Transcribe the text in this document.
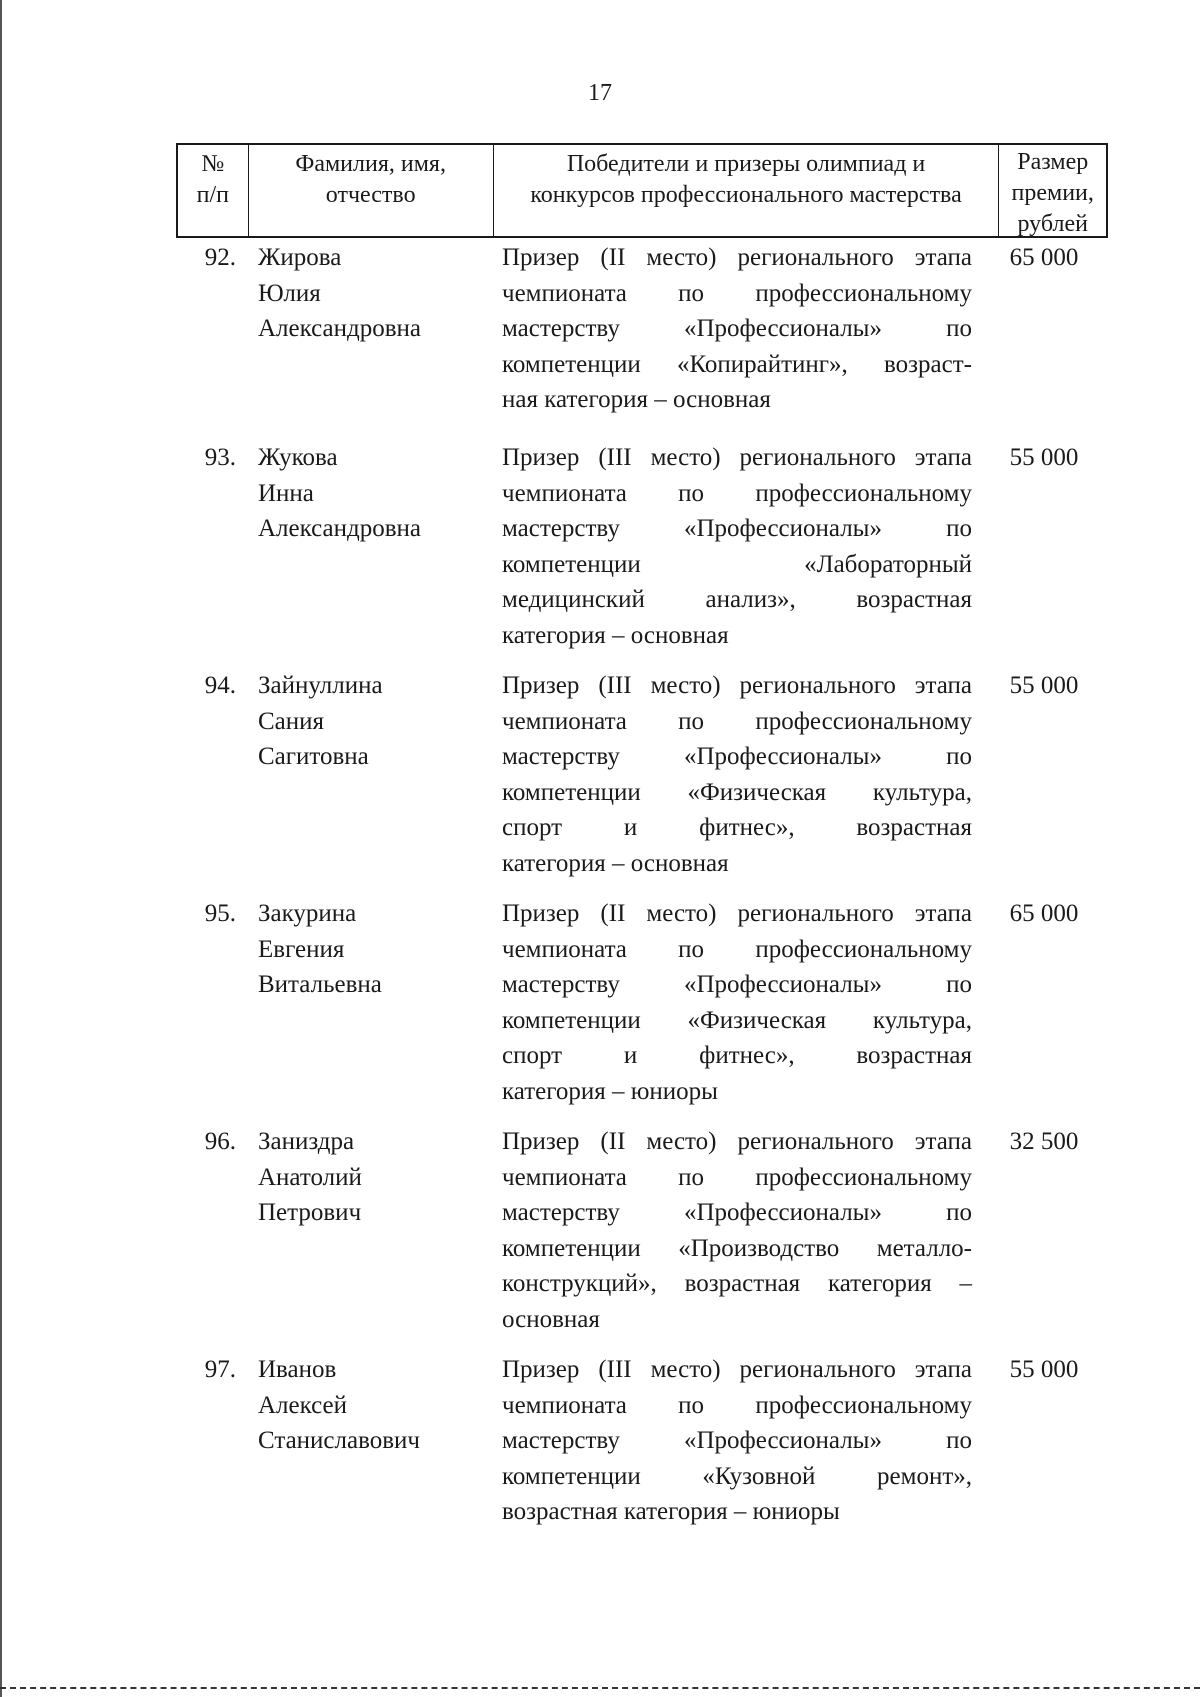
17
№
п/п
Фамилия, имя,
отчество
Победители и призеры олимпиад и
конкурсов профессионального мастерства
Размер
премии,
рублей
92. Жирова
Юлия
Александровна
Призер (II место) регионального этапа
чемпионата по профессиональному
мастерству «Профессионалы» по
компетенции «Копирайтинг», возраст-
ная категория – основная
65 000
93. Жукова
Инна
Александровна
Призер (III место) регионального этапа
чемпионата по профессиональному
мастерству «Профессионалы» по
компетенции «Лабораторный
медицинский анализ», возрастная
категория – основная
55 000
94. Зайнуллина
Сания
Сагитовна
Призер (III место) регионального этапа
чемпионата по профессиональному
мастерству «Профессионалы» по
компетенции «Физическая культура,
спорт и фитнес», возрастная
категория – основная
55 000
95. Закурина
Евгения
Витальевна
Призер (II место) регионального этапа
чемпионата по профессиональному
мастерству «Профессионалы» по
компетенции «Физическая культура,
спорт и фитнес», возрастная
категория – юниоры
65 000
96. Заниздра
Анатолий
Петрович
Призер (II место) регионального этапа
чемпионата по профессиональному
мастерству «Профессионалы» по
компетенции «Производство металло-
конструкций», возрастная категория –
основная
32 500
97. Иванов
Алексей
Станиславович
Призер (III место) регионального этапа
чемпионата по профессиональному
мастерству «Профессионалы» по
компетенции «Кузовной ремонт»,
возрастная категория – юниоры
55 000
